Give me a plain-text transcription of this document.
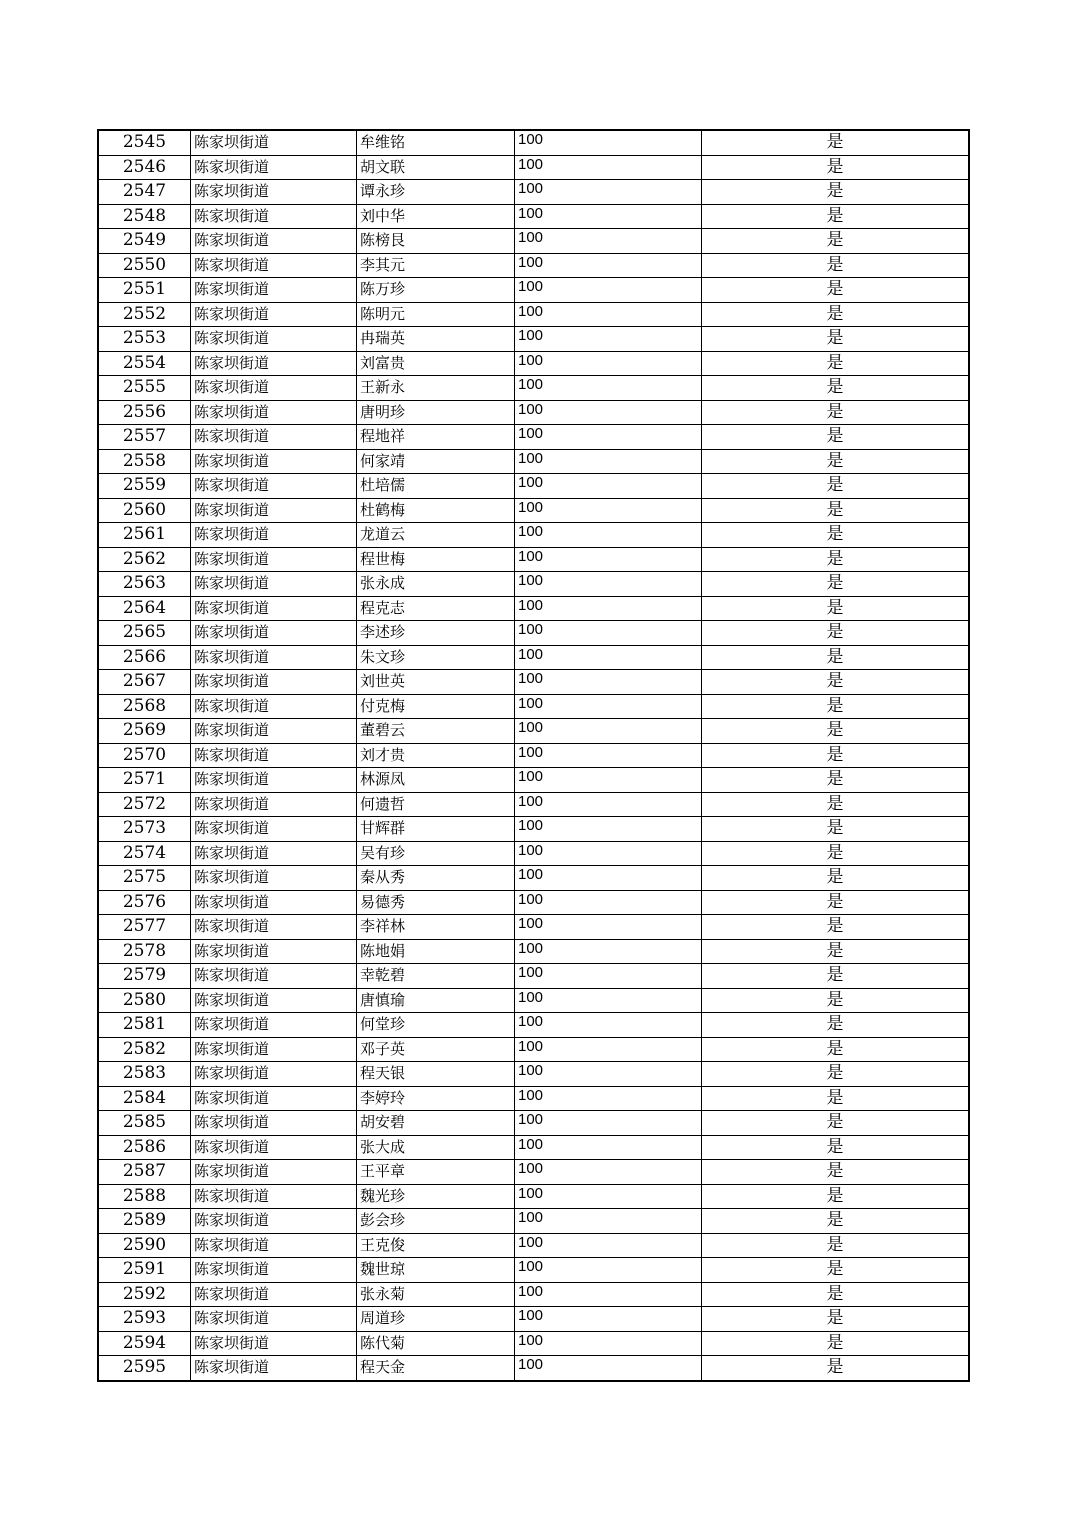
2545	陈家坝街道	牟维铭	100	是
2546	陈家坝街道	胡文联	100	是
2547	陈家坝街道	谭永珍	100	是
2548	陈家坝街道	刘中华	100	是
2549	陈家坝街道	陈榜艮	100	是
2550	陈家坝街道	李其元	100	是
2551	陈家坝街道	陈万珍	100	是
2552	陈家坝街道	陈明元	100	是
2553	陈家坝街道	冉瑞英	100	是
2554	陈家坝街道	刘富贵	100	是
2555	陈家坝街道	王新永	100	是
2556	陈家坝街道	唐明珍	100	是
2557	陈家坝街道	程地祥	100	是
2558	陈家坝街道	何家靖	100	是
2559	陈家坝街道	杜培儒	100	是
2560	陈家坝街道	杜鹤梅	100	是
2561	陈家坝街道	龙道云	100	是
2562	陈家坝街道	程世梅	100	是
2563	陈家坝街道	张永成	100	是
2564	陈家坝街道	程克志	100	是
2565	陈家坝街道	李述珍	100	是
2566	陈家坝街道	朱文珍	100	是
2567	陈家坝街道	刘世英	100	是
2568	陈家坝街道	付克梅	100	是
2569	陈家坝街道	董碧云	100	是
2570	陈家坝街道	刘才贵	100	是
2571	陈家坝街道	林源凤	100	是
2572	陈家坝街道	何遗哲	100	是
2573	陈家坝街道	甘辉群	100	是
2574	陈家坝街道	吴有珍	100	是
2575	陈家坝街道	秦从秀	100	是
2576	陈家坝街道	易德秀	100	是
2577	陈家坝街道	李祥林	100	是
2578	陈家坝街道	陈地娟	100	是
2579	陈家坝街道	幸乾碧	100	是
2580	陈家坝街道	唐慎瑜	100	是
2581	陈家坝街道	何堂珍	100	是
2582	陈家坝街道	邓子英	100	是
2583	陈家坝街道	程天银	100	是
2584	陈家坝街道	李婷玲	100	是
2585	陈家坝街道	胡安碧	100	是
2586	陈家坝街道	张大成	100	是
2587	陈家坝街道	王平章	100	是
2588	陈家坝街道	魏光珍	100	是
2589	陈家坝街道	彭会珍	100	是
2590	陈家坝街道	王克俊	100	是
2591	陈家坝街道	魏世琼	100	是
2592	陈家坝街道	张永菊	100	是
2593	陈家坝街道	周道珍	100	是
2594	陈家坝街道	陈代菊	100	是
2595	陈家坝街道	程天金	100	是
